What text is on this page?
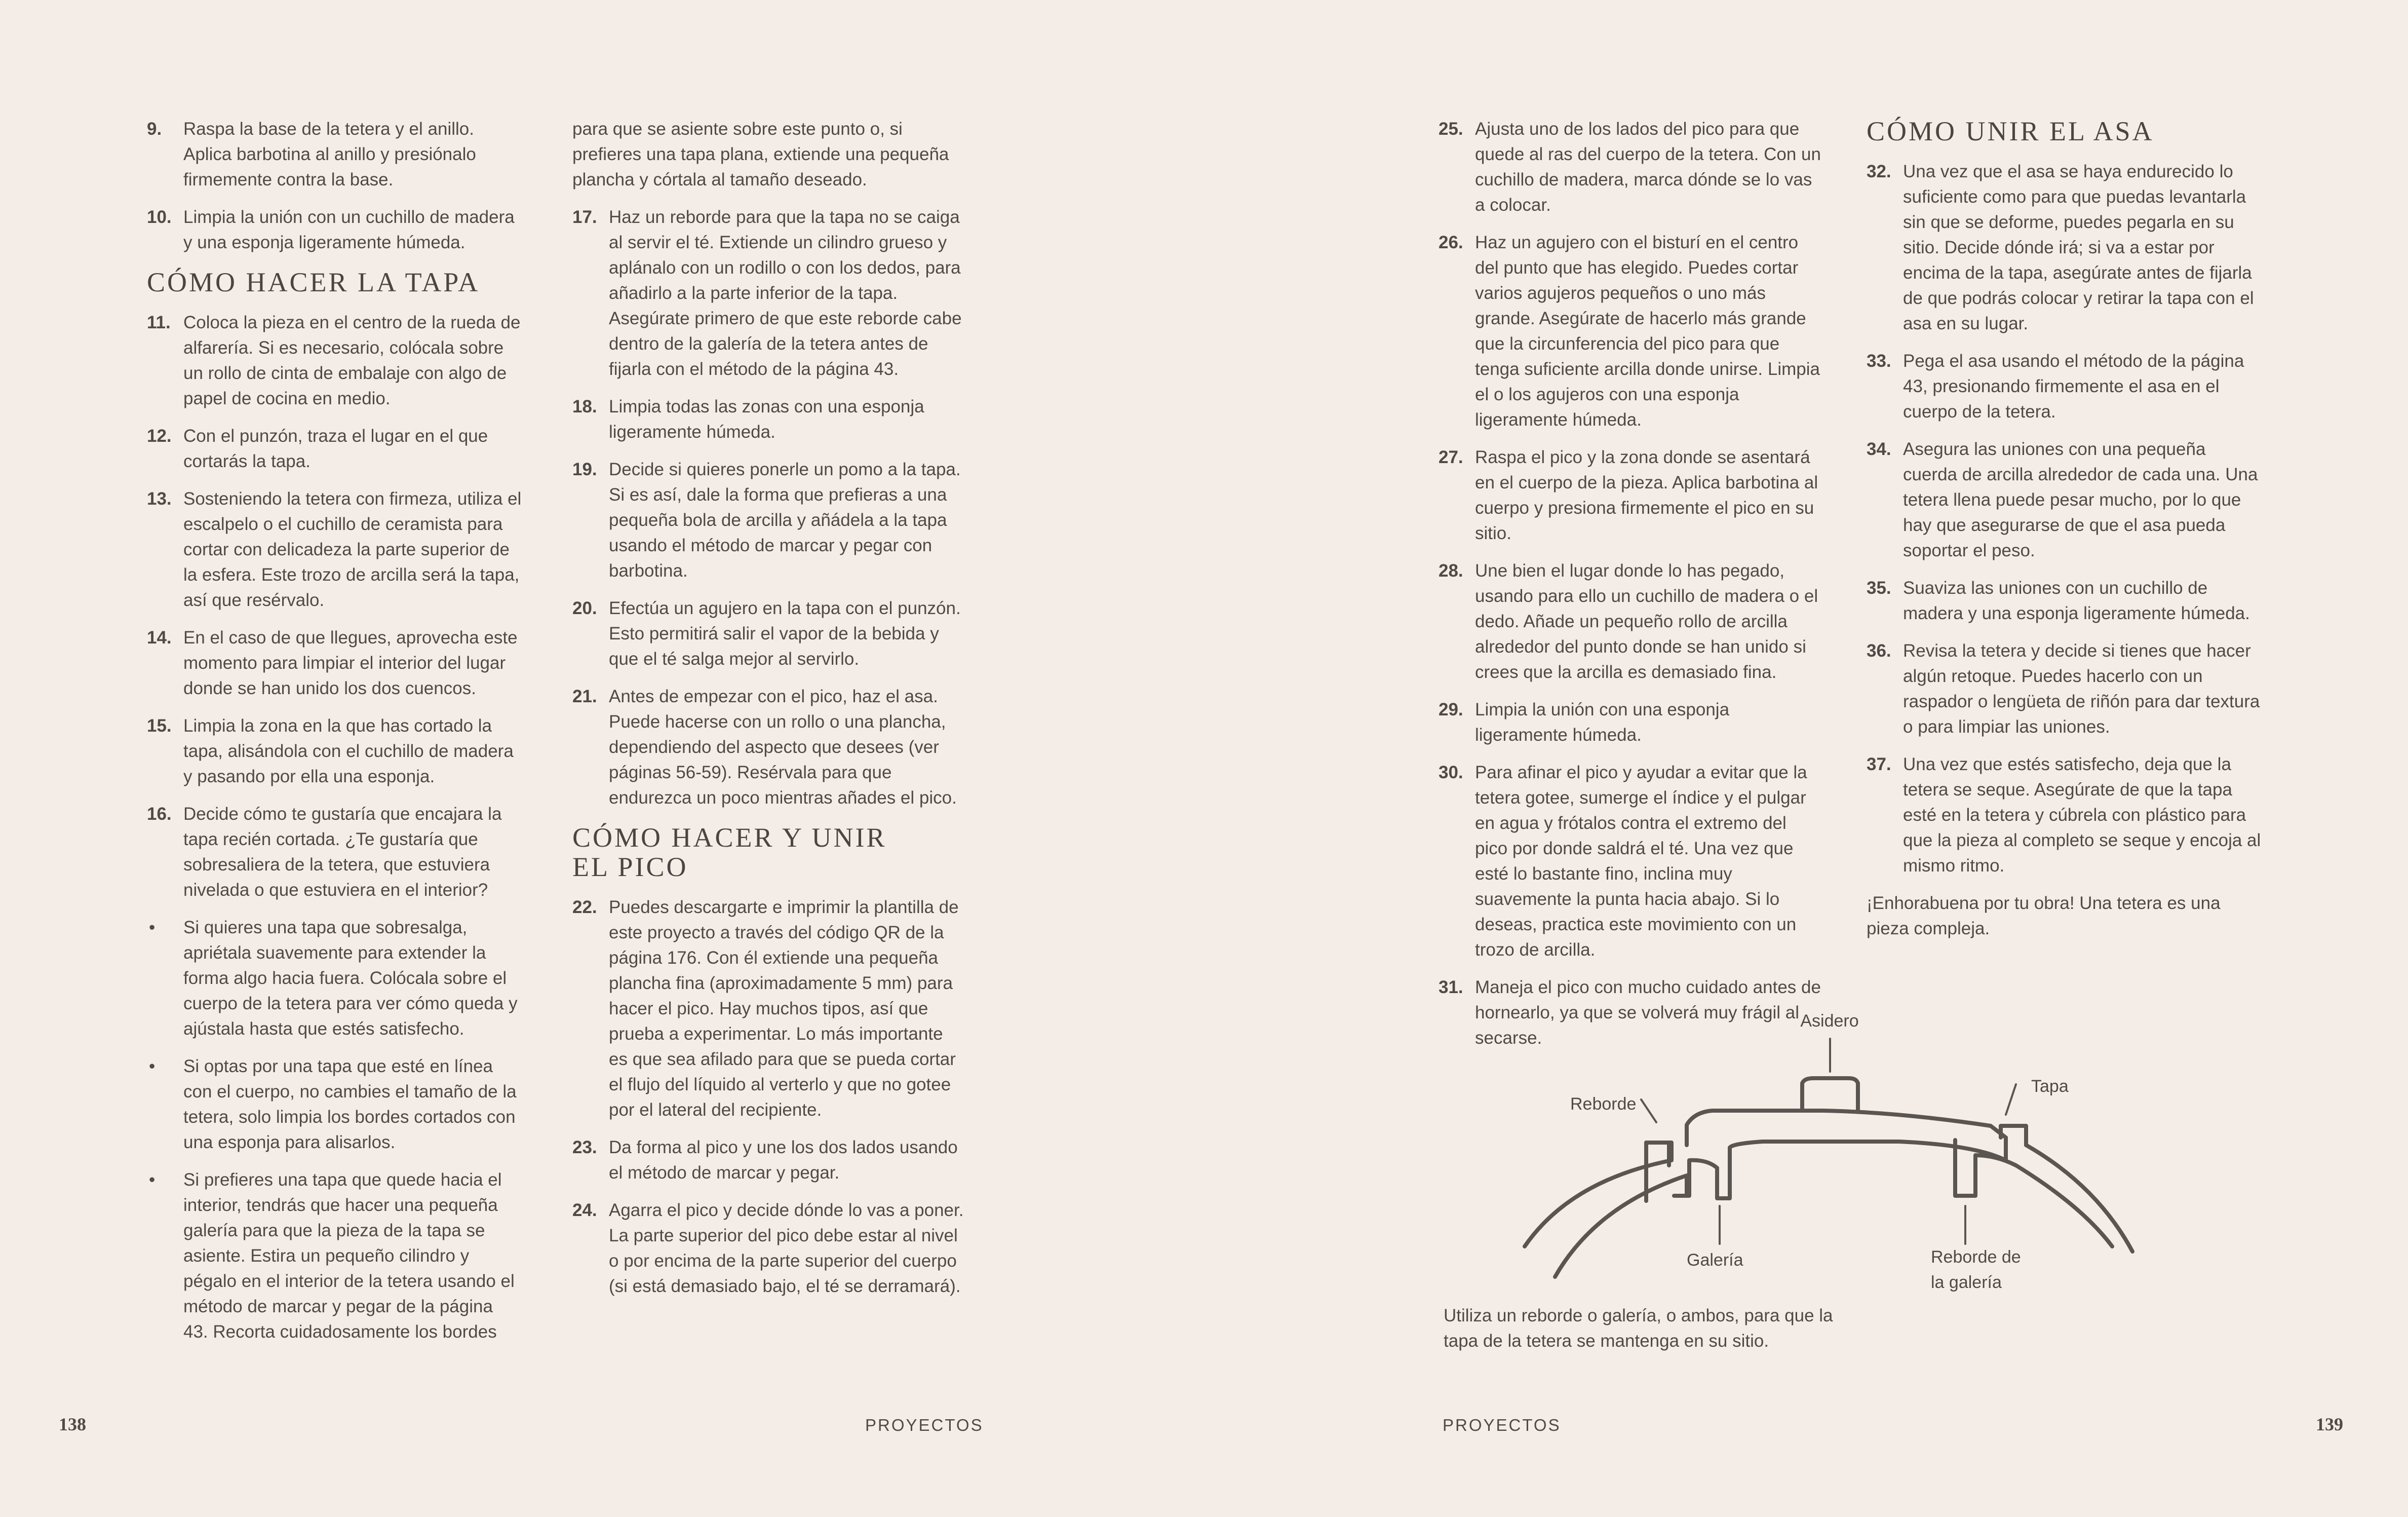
9.	Raspa la base de la tetera y el anillo. Aplica barbotina al anillo y presiónalo firmemente contra la base.
10. Limpia la unión con un cuchillo de madera y una esponja ligeramente húmeda.
CÓMO HACER LA TAPA
11. Coloca la pieza en el centro de la rueda de alfarería. Si es necesario, colócala sobre un rollo de cinta de embalaje con algo de papel de cocina en medio.
12. Con el punzón, traza el lugar en el que cortarás la tapa.
13. Sosteniendo la tetera con firmeza, utiliza el escalpelo o el cuchillo de ceramista para cortar con delicadeza la parte superior de la esfera. Este trozo de arcilla será la tapa, así que resérvalo.
14. En el caso de que llegues, aprovecha este momento para limpiar el interior del lugar donde se han unido los dos cuencos.
15. Limpia la zona en la que has cortado la tapa, alisándola con el cuchillo de madera y pasando por ella una esponja.
16. Decide cómo te gustaría que encajara la tapa recién cortada. ¿Te gustaría que sobresaliera de la tetera, que estuviera nivelada o que estuviera en el interior?
•	Si quieres una tapa que sobresalga, apriétala suavemente para extender la forma algo hacia fuera. Colócala sobre el cuerpo de la tetera para ver cómo queda y ajústala hasta que estés satisfecho.
•	Si optas por una tapa que esté en línea con el cuerpo, no cambies el tamaño de la tetera, solo limpia los bordes cortados con una esponja para alisarlos.
•	Si prefieres una tapa que quede hacia el interior, tendrás que hacer una pequeña galería para que la pieza de la tapa se asiente. Estira un pequeño cilindro y pégalo en el interior de la tetera usando el método de marcar y pegar de la página 43. Recorta cuidadosamente los bordes
para que se asiente sobre este punto o, si prefieres una tapa plana, extiende una pequeña plancha y córtala al tamaño deseado.
17. Haz un reborde para que la tapa no se caiga al servir el té. Extiende un cilindro grueso y aplánalo con un rodillo o con los dedos, para añadirlo a la parte inferior de la tapa. Asegúrate primero de que este reborde cabe dentro de la galería de la tetera antes de fijarla con el método de la página 43.
18. Limpia todas las zonas con una esponja ligeramente húmeda.
19. Decide si quieres ponerle un pomo a la tapa. Si es así, dale la forma que prefieras a una pequeña bola de arcilla y añádela a la tapa usando el método de marcar y pegar con barbotina.
20. Efectúa un agujero en la tapa con el punzón. Esto permitirá salir el vapor de la bebida y que el té salga mejor al servirlo.
21. Antes de empezar con el pico, haz el asa. Puede hacerse con un rollo o una plancha, dependiendo del aspecto que desees (ver páginas 56-59). Resérvala para que endurezca un poco mientras añades el pico.
CÓMO HACER Y UNIR
EL PICO
22. Puedes descargarte e imprimir la plantilla de este proyecto a través del código QR de la página 176. Con él extiende una pequeña plancha fina (aproximadamente 5 mm) para hacer el pico. Hay muchos tipos, así que prueba a experimentar. Lo más importante es que sea afilado para que se pueda cortar el flujo del líquido al verterlo y que no gotee por el lateral del recipiente.
23. Da forma al pico y une los dos lados usando el método de marcar y pegar.
24. Agarra el pico y decide dónde lo vas a poner. La parte superior del pico debe estar al nivel o por encima de la parte superior del cuerpo (si está demasiado bajo, el té se derramará).
138	PROYECTOS
25. Ajusta uno de los lados del pico para que quede al ras del cuerpo de la tetera. Con un cuchillo de madera, marca dónde se lo vas a colocar.
26. Haz un agujero con el bisturí en el centro del punto que has elegido. Puedes cortar varios agujeros pequeños o uno más grande. Asegúrate de hacerlo más grande que la circunferencia del pico para que tenga suficiente arcilla donde unirse. Limpia el o los agujeros con una esponja ligeramente húmeda.
27. Raspa el pico y la zona donde se asentará en el cuerpo de la pieza. Aplica barbotina al cuerpo y presiona firmemente el pico en su sitio.
28. Une bien el lugar donde lo has pegado, usando para ello un cuchillo de madera o el dedo. Añade un pequeño rollo de arcilla alrededor del punto donde se han unido si crees que la arcilla es demasiado fina.
29. Limpia la unión con una esponja ligeramente húmeda.
30. Para afinar el pico y ayudar a evitar que la tetera gotee, sumerge el índice y el pulgar en agua y frótalos contra el extremo del pico por donde saldrá el té. Una vez que esté lo bastante fino, inclina muy suavemente la punta hacia abajo. Si lo deseas, practica este movimiento con un trozo de arcilla.
31. Maneja el pico con mucho cuidado antes de hornearlo, ya que se volverá muy frágil al secarse.
CÓMO UNIR EL ASA
32. Una vez que el asa se haya endurecido lo suficiente como para que puedas levantarla sin que se deforme, puedes pegarla en su sitio. Decide dónde irá; si va a estar por encima de la tapa, asegúrate antes de fijarla de que podrás colocar y retirar la tapa con el asa en su lugar.
33. Pega el asa usando el método de la página 43, presionando firmemente el asa en el cuerpo de la tetera.
34. Asegura las uniones con una pequeña cuerda de arcilla alrededor de cada una. Una tetera llena puede pesar mucho, por lo que hay que asegurarse de que el asa pueda soportar el peso.
35. Suaviza las uniones con un cuchillo de madera y una esponja ligeramente húmeda.
36. Revisa la tetera y decide si tienes que hacer algún retoque. Puedes hacerlo con un raspador o lengüeta de riñón para dar textura o para limpiar las uniones.
37. Una vez que estés satisfecho, deja que la tetera se seque. Asegúrate de que la tapa esté en la tetera y cúbrela con plástico para que la pieza al completo se seque y encoja al mismo ritmo.
¡Enhorabuena por tu obra! Una tetera es una pieza compleja.
Asidero
Tapa
Reborde
Galería	Reborde de
la galería
Utiliza un reborde o galería, o ambos, para que la tapa de la tetera se mantenga en su sitio.
PROYECTOS	139
